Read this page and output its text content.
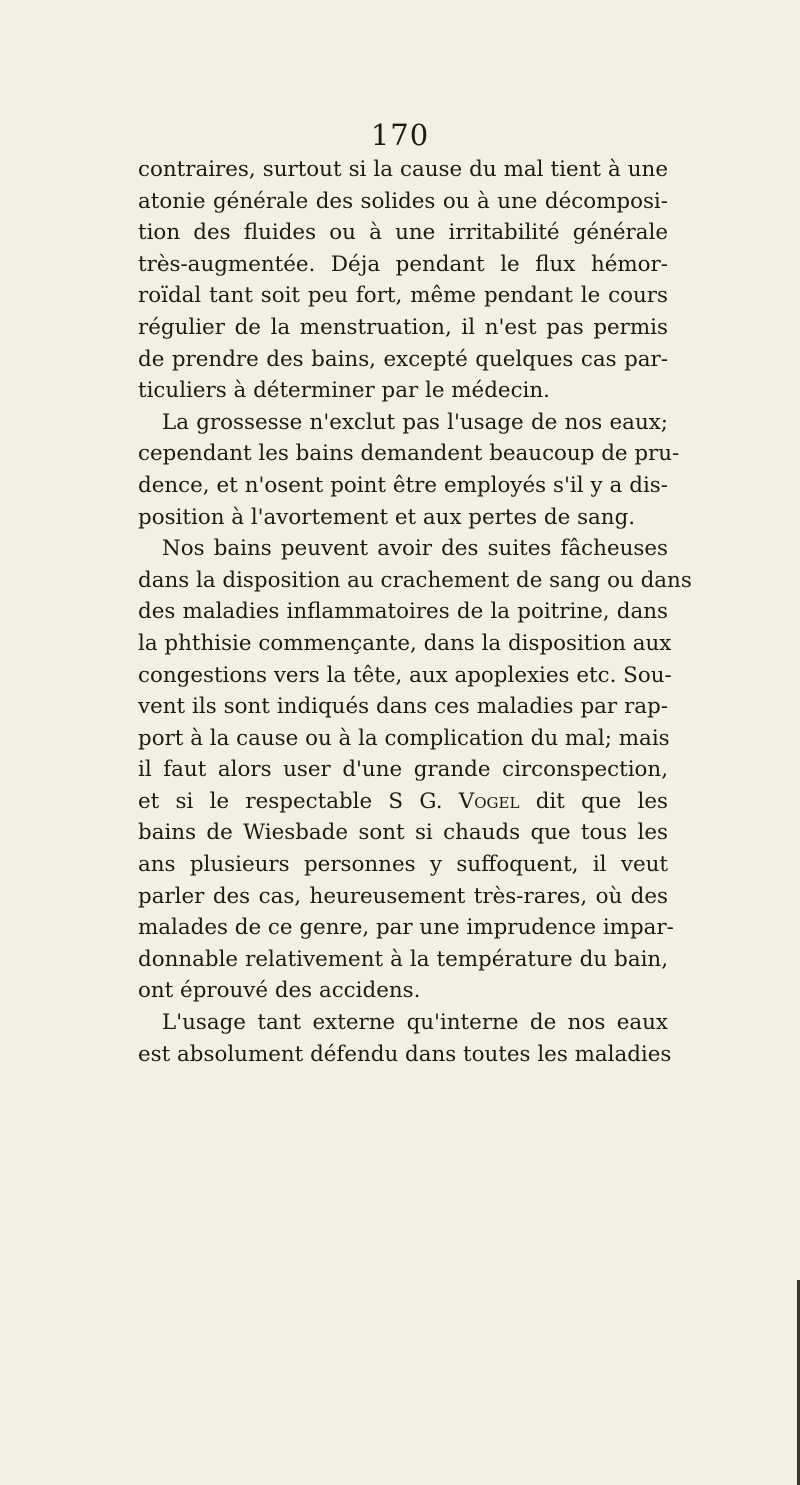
170
contraires, surtout si la cause du mal tient à une
atonie générale des solides ou à une décomposi-
tion des fluides ou à une irritabilité générale
très-augmentée. Déja pendant le flux hémor-
roïdal tant soit peu fort, même pendant le cours
régulier de la menstruation, il n'est pas permis
de prendre des bains, excepté quelques cas par-
ticuliers à déterminer par le médecin.
La grossesse n'exclut pas l'usage de nos eaux;
cependant les bains demandent beaucoup de pru-
dence, et n'osent point être employés s'il y a dis-
position à l'avortement et aux pertes de sang.
Nos bains peuvent avoir des suites fâcheuses
dans la disposition au crachement de sang ou dans
des maladies inflammatoires de la poitrine, dans
la phthisie commençante, dans la disposition aux
congestions vers la tête, aux apoplexies etc. Sou-
vent ils sont indiqués dans ces maladies par rap-
port à la cause ou à la complication du mal; mais
il faut alors user d'une grande circonspection,
et si le respectable S G. Vogel dit que les
bains de Wiesbade sont si chauds que tous les
ans plusieurs personnes y suffoquent, il veut
parler des cas, heureusement très-rares, où des
malades de ce genre, par une imprudence impar-
donnable relativement à la température du bain,
ont éprouvé des accidens.
L'usage tant externe qu'interne de nos eaux
est absolument défendu dans toutes les maladies
